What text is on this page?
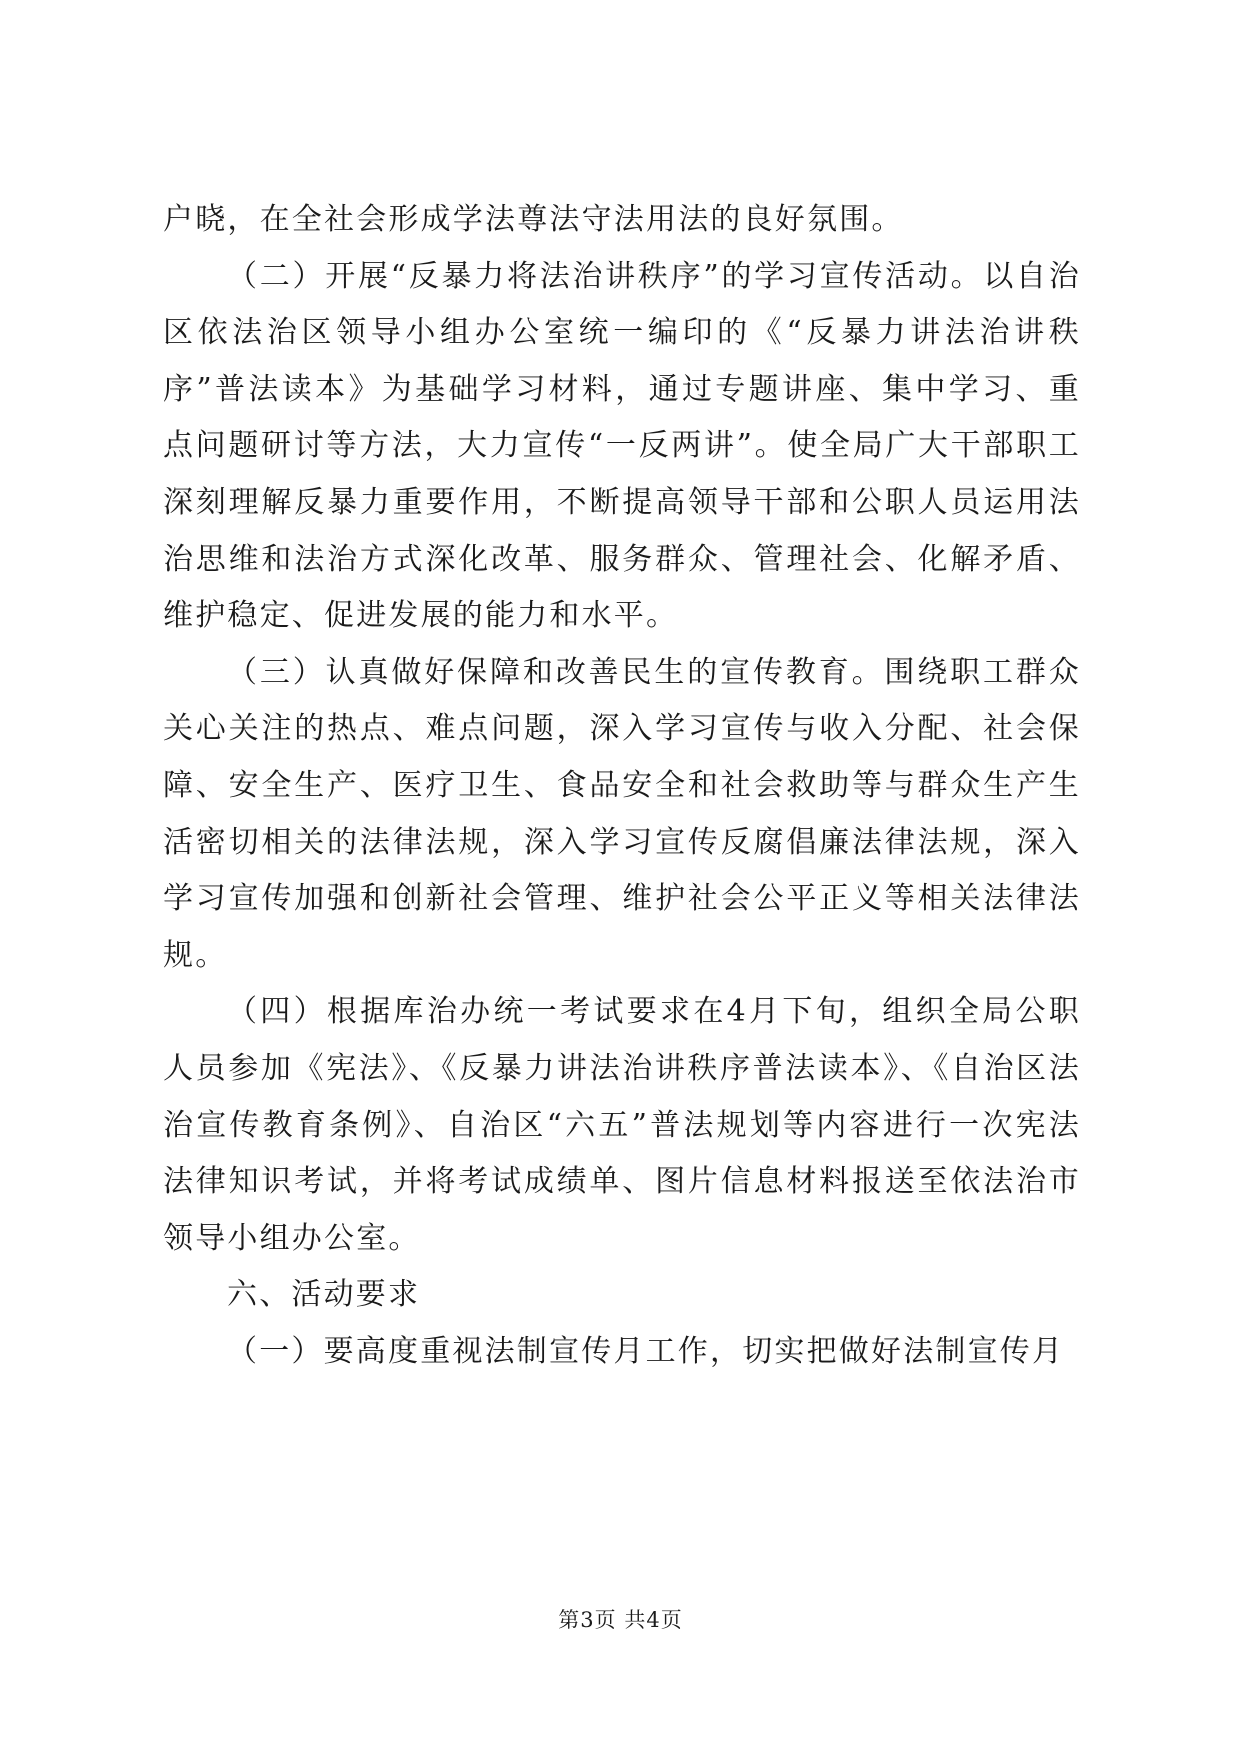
户晓，在全社会形成学法尊法守法用法的良好氛围。

（二）开展“反暴力将法治讲秩序”的学习宣传活动。以自治区依法治区领导小组办公室统一编印的《“反暴力讲法治讲秩序”普法读本》为基础学习材料，通过专题讲座、集中学习、重点问题研讨等方法，大力宣传“一反两讲”。使全局广大干部职工深刻理解反暴力重要作用，不断提高领导干部和公职人员运用法治思维和法治方式深化改革、服务群众、管理社会、化解矛盾、维护稳定、促进发展的能力和水平。

（三）认真做好保障和改善民生的宣传教育。围绕职工群众关心关注的热点、难点问题，深入学习宣传与收入分配、社会保障、安全生产、医疗卫生、食品安全和社会救助等与群众生产生活密切相关的法律法规，深入学习宣传反腐倡廉法律法规，深入学习宣传加强和创新社会管理、维护社会公平正义等相关法律法规。

（四）根据库治办统一考试要求在4月下旬，组织全局公职人员参加《宪法》、《反暴力讲法治讲秩序普法读本》、《自治区法治宣传教育条例》、自治区“六五”普法规划等内容进行一次宪法法律知识考试，并将考试成绩单、图片信息材料报送至依法治市领导小组办公室。

六、活动要求

（一）要高度重视法制宣传月工作，切实把做好法制宣传月

第3页 共4页
